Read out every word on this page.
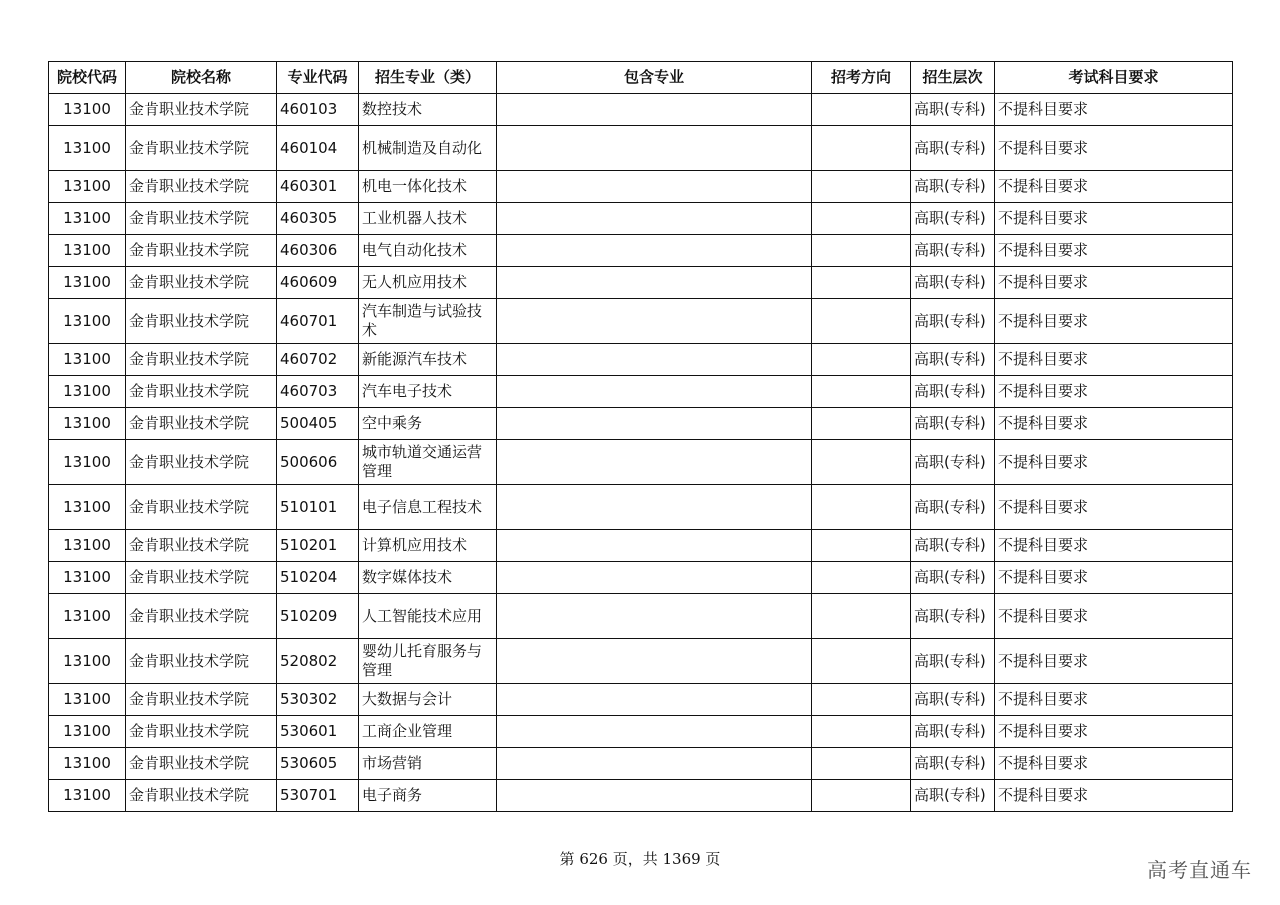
院校代码	院校名称	专业代码	招生专业（类）	包含专业	招考方向	招生层次	考试科目要求
13100	金肯职业技术学院	460103	数控技术			高职(专科)	不提科目要求
13100	金肯职业技术学院	460104	机械制造及自动化			高职(专科)	不提科目要求
13100	金肯职业技术学院	460301	机电一体化技术			高职(专科)	不提科目要求
13100	金肯职业技术学院	460305	工业机器人技术			高职(专科)	不提科目要求
13100	金肯职业技术学院	460306	电气自动化技术			高职(专科)	不提科目要求
13100	金肯职业技术学院	460609	无人机应用技术			高职(专科)	不提科目要求
13100	金肯职业技术学院	460701	汽车制造与试验技术			高职(专科)	不提科目要求
13100	金肯职业技术学院	460702	新能源汽车技术			高职(专科)	不提科目要求
13100	金肯职业技术学院	460703	汽车电子技术			高职(专科)	不提科目要求
13100	金肯职业技术学院	500405	空中乘务			高职(专科)	不提科目要求
13100	金肯职业技术学院	500606	城市轨道交通运营管理			高职(专科)	不提科目要求
13100	金肯职业技术学院	510101	电子信息工程技术			高职(专科)	不提科目要求
13100	金肯职业技术学院	510201	计算机应用技术			高职(专科)	不提科目要求
13100	金肯职业技术学院	510204	数字媒体技术			高职(专科)	不提科目要求
13100	金肯职业技术学院	510209	人工智能技术应用			高职(专科)	不提科目要求
13100	金肯职业技术学院	520802	婴幼儿托育服务与管理			高职(专科)	不提科目要求
13100	金肯职业技术学院	530302	大数据与会计			高职(专科)	不提科目要求
13100	金肯职业技术学院	530601	工商企业管理			高职(专科)	不提科目要求
13100	金肯职业技术学院	530605	市场营销			高职(专科)	不提科目要求
13100	金肯职业技术学院	530701	电子商务			高职(专科)	不提科目要求
第 626 页，共 1369 页	高考直通车
